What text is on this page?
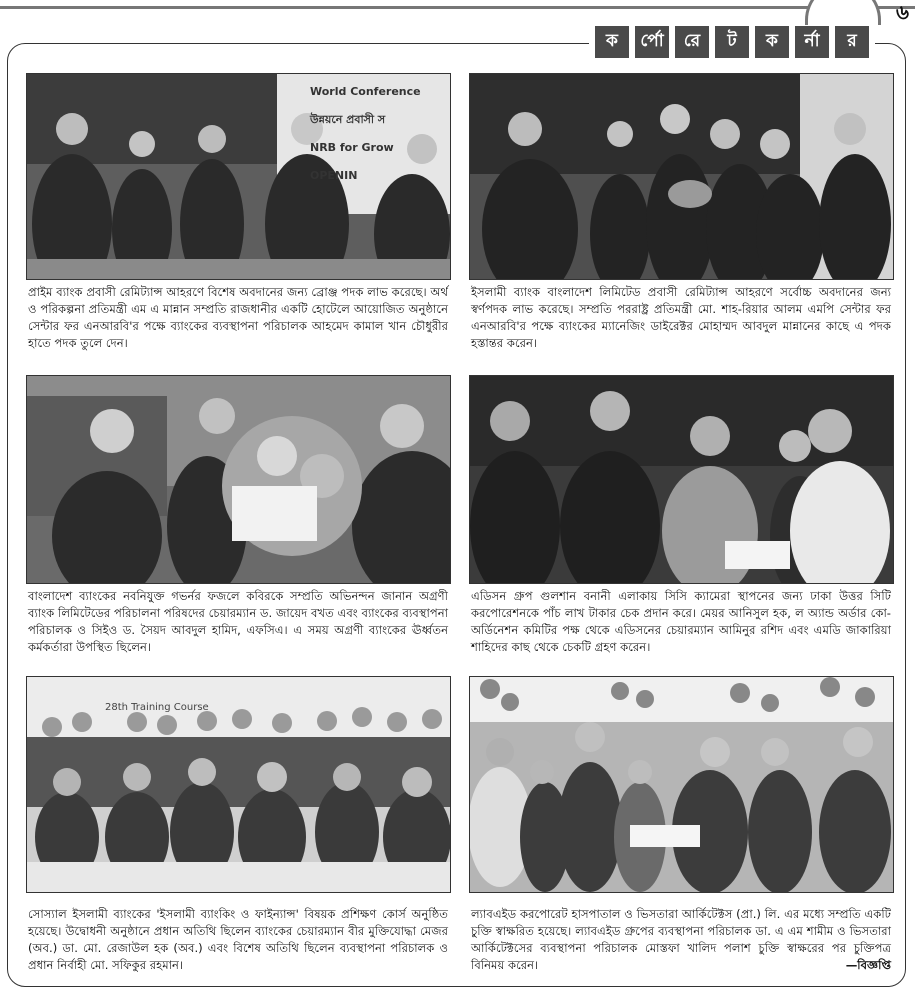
৬
ক	র্পো	রে	ট	ক	র্না	র
World Conference
উন্নয়নে প্রবাসী স
NRB for Grow
OPENIN

প্রাইম ব্যাংক প্রবাসী রেমিট্যান্স আহরণে বিশেষ অবদানের জন্য ব্রোঞ্জ পদক লাভ করেছে। অর্থ ও পরিকল্পনা প্রতিমন্ত্রী এম এ মান্নান সম্প্রতি রাজধানীর একটি হোটেলে আয়োজিত অনুষ্ঠানে সেন্টার ফর এনআরবি'র পক্ষে ব্যাংকের ব্যবস্থাপনা পরিচালক আহমেদ কামাল খান চৌধুরীর হাতে পদক তুলে দেন।

ইসলামী ব্যাংক বাংলাদেশ লিমিটেড প্রবাসী রেমিট্যান্স আহরণে সর্বোচ্চ অবদানের জন্য স্বর্ণপদক লাভ করেছে। সম্প্রতি পররাষ্ট্র প্রতিমন্ত্রী মো. শাহ-রিয়ার আলম এমপি সেন্টার ফর এনআরবি'র পক্ষে ব্যাংকের ম্যানেজিং ডাইরেক্টর মোহাম্মদ আবদুল মান্নানের কাছে এ পদক হস্তান্তর করেন।

বাংলাদেশ ব্যাংকের নবনিযুক্ত গভর্নর ফজলে কবিরকে সম্প্রতি অভিনন্দন জানান অগ্রণী ব্যাংক লিমিটেডের পরিচালনা পরিষদের চেয়ারম্যান ড. জায়েদ বখত এবং ব্যাংকের ব্যবস্থাপনা পরিচালক ও সিইও ড. সৈয়দ আবদুল হামিদ, এফসিএ। এ সময় অগ্রণী ব্যাংকের ঊর্ধ্বতন কর্মকর্তারা উপস্থিত ছিলেন।

এডিসন গ্রুপ গুলশান বনানী এলাকায় সিসি ক্যামেরা স্থাপনের জন্য ঢাকা উত্তর সিটি করপোরেশনকে পাঁচ লাখ টাকার চেক প্রদান করে। মেয়র আনিসুল হক, ল অ্যান্ড অর্ডার কো-অর্ডিনেশন কমিটির পক্ষ থেকে এডিসনের চেয়ারম্যান আমিনুর রশিদ এবং এমডি জাকারিয়া শাহিদের কাছ থেকে চেকটি গ্রহণ করেন।

28th Training Course

সোস্যাল ইসলামী ব্যাংকের 'ইসলামী ব্যাংকিং ও ফাইন্যান্স' বিষয়ক প্রশিক্ষণ কোর্স অনুষ্ঠিত হয়েছে। উদ্বোধনী অনুষ্ঠানে প্রধান অতিথি ছিলেন ব্যাংকের চেয়ারম্যান বীর মুক্তিযোদ্ধা মেজর (অব.) ডা. মো. রেজাউল হক (অব.) এবং বিশেষ অতিথি ছিলেন ব্যবস্থাপনা পরিচালক ও প্রধান নির্বাহী মো. সফিকুর রহমান।

ল্যাবএইড করপোরেট হাসপাতাল ও ভিসতারা আর্কিটেক্টস (প্রা.) লি. এর মধ্যে সম্প্রতি একটি চুক্তি স্বাক্ষরিত হয়েছে। ল্যাবএইড গ্রুপের ব্যবস্থাপনা পরিচালক ডা. এ এম শামীম ও ভিসতারা আর্কিটেক্টসের ব্যবস্থাপনা পরিচালক মোস্তফা খালিদ পলাশ চুক্তি স্বাক্ষরের পর চুক্তিপত্র বিনিময় করেন।	—বিজ্ঞপ্তি
